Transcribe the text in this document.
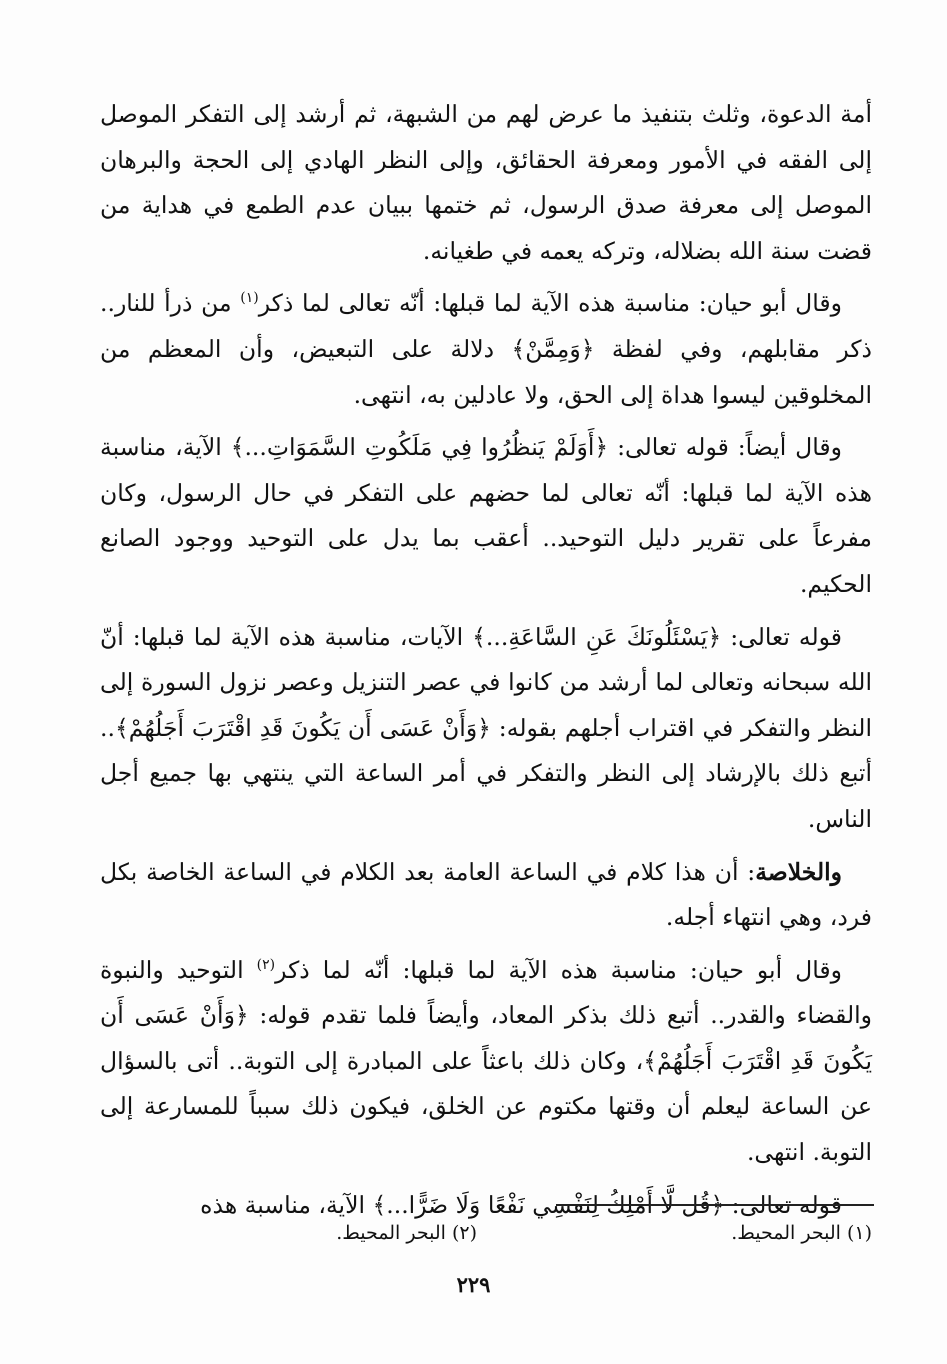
أمة الدعوة، وثلث بتنفيذ ما عرض لهم من الشبهة، ثم أرشد إلى التفكر الموصل إلى الفقه في الأمور ومعرفة الحقائق، وإلى النظر الهادي إلى الحجة والبرهان الموصل إلى معرفة صدق الرسول، ثم ختمها ببيان عدم الطمع في هداية من قضت سنة الله بضلاله، وتركه يعمه في طغيانه.

وقال أبو حيان: مناسبة هذه الآية لما قبلها: أنّه تعالى لما ذكر$^{(١)}$ من ذرأ للنار.. ذكر مقابلهم، وفي لفظة ﴿وَمِمَّنْ﴾ دلالة على التبعيض، وأن المعظم من المخلوقين ليسوا هداة إلى الحق، ولا عادلين به، انتهى.

وقال أيضاً: قوله تعالى: ﴿أَوَلَمْ يَنظُرُوا فِي مَلَكُوتِ السَّمَوَاتِ...﴾ الآية، مناسبة هذه الآية لما قبلها: أنّه تعالى لما حضهم على التفكر في حال الرسول، وكان مفرعاً على تقرير دليل التوحيد.. أعقب بما يدل على التوحيد ووجود الصانع الحكيم.

قوله تعالى: ﴿يَسْئَلُونَكَ عَنِ السَّاعَةِ...﴾ الآيات، مناسبة هذه الآية لما قبلها: أنّ الله سبحانه وتعالى لما أرشد من كانوا في عصر التنزيل وعصر نزول السورة إلى النظر والتفكر في اقتراب أجلهم بقوله: ﴿وَأَنْ عَسَى أَن يَكُونَ قَدِ اقْتَرَبَ أَجَلُهُمْ﴾.. أتبع ذلك بالإرشاد إلى النظر والتفكر في أمر الساعة التي ينتهي بها جميع أجل الناس.

والخلاصة: أن هذا كلام في الساعة العامة بعد الكلام في الساعة الخاصة بكل فرد، وهي انتهاء أجله.

وقال أبو حيان: مناسبة هذه الآية لما قبلها: أنّه لما ذكر$^{(٢)}$ التوحيد والنبوة والقضاء والقدر.. أتبع ذلك بذكر المعاد، وأيضاً فلما تقدم قوله: ﴿وَأَنْ عَسَى أَن يَكُونَ قَدِ اقْتَرَبَ أَجَلُهُمْ﴾، وكان ذلك باعثاً على المبادرة إلى التوبة.. أتى بالسؤال عن الساعة ليعلم أن وقتها مكتوم عن الخلق، فيكون ذلك سبباً للمسارعة إلى التوبة. انتهى.

قوله تعالى: ﴿قُل لَّا أَمْلِكُ لِنَفْسِي نَفْعًا وَلَا ضَرًّا...﴾ الآية، مناسبة هذه

(١) البحر المحيط.
(٢) البحر المحيط.
٢٢٩
